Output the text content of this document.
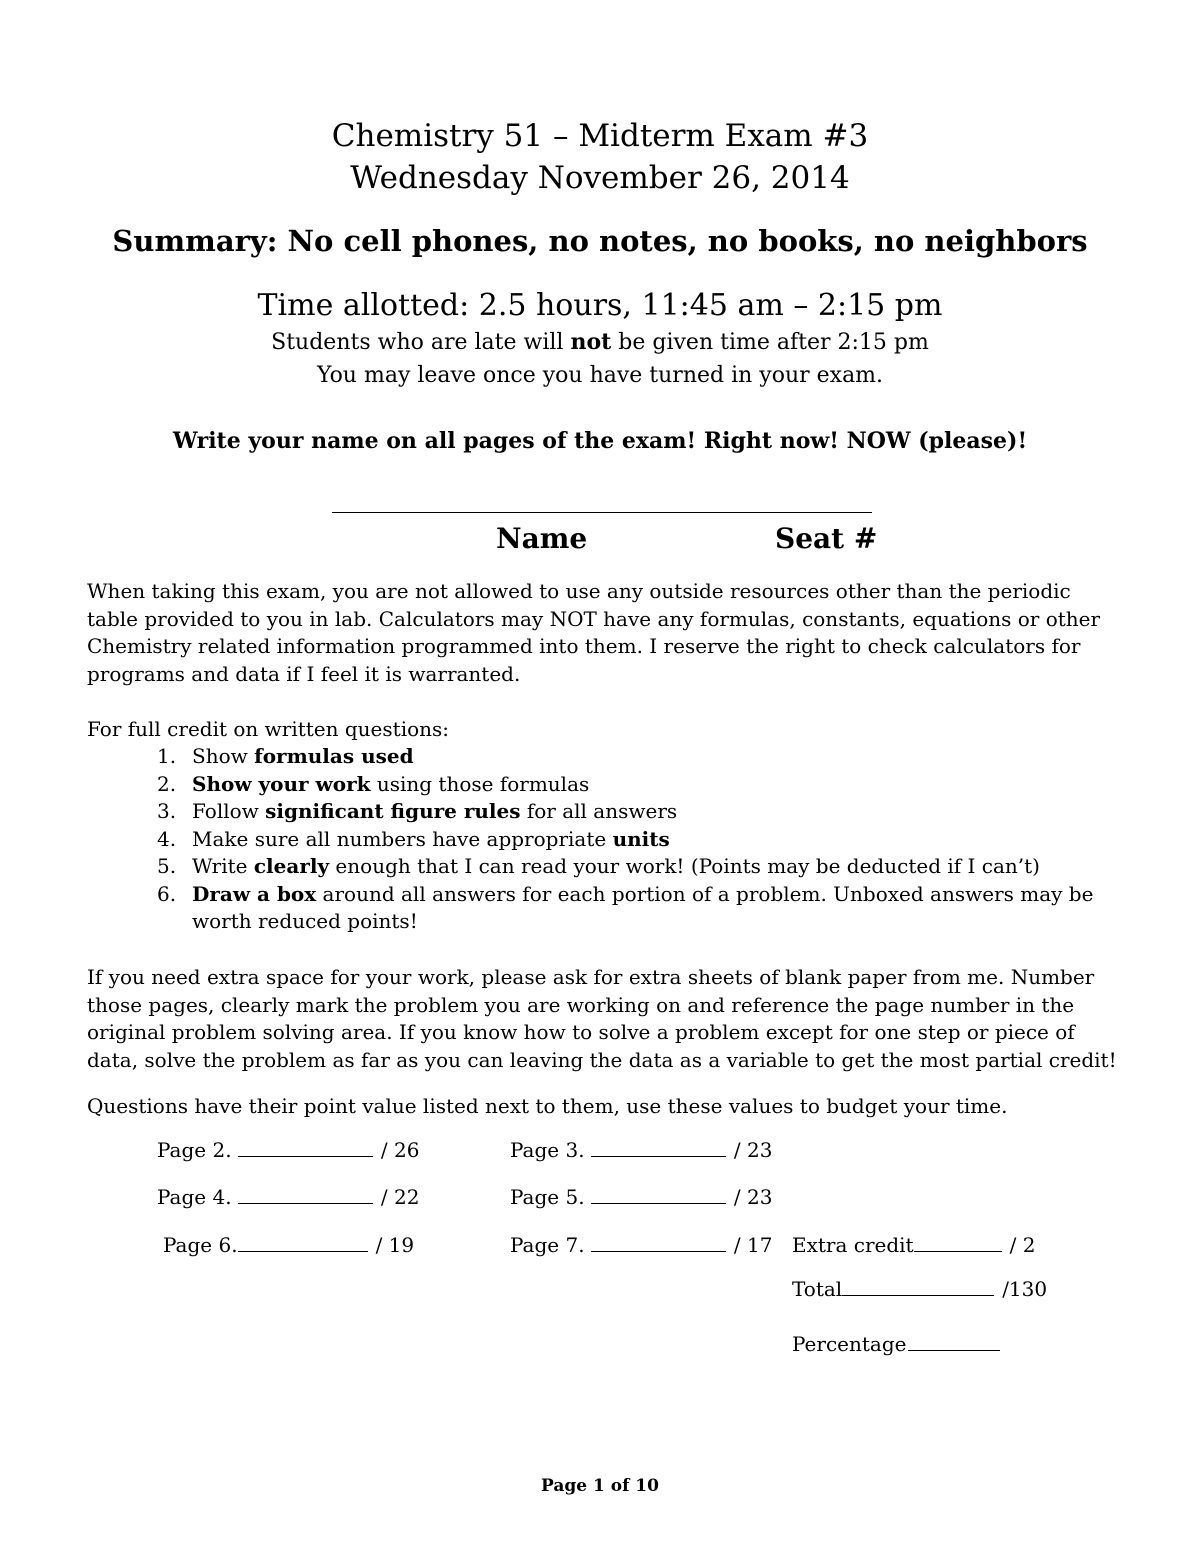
Chemistry 51 – Midterm Exam #3
Wednesday November 26, 2014
Summary: No cell phones, no notes, no books, no neighbors
Time allotted: 2.5 hours, 11:45 am – 2:15 pm
Students who are late will not be given time after 2:15 pm
You may leave once you have turned in your exam.
Write your name on all pages of the exam! Right now! NOW (please)!
Name	Seat #

When taking this exam, you are not allowed to use any outside resources other than the periodic table provided to you in lab. Calculators may NOT have any formulas, constants, equations or other Chemistry related information programmed into them. I reserve the right to check calculators for programs and data if I feel it is warranted.

For full credit on written questions:
1. Show formulas used
2. Show your work using those formulas
3. Follow significant figure rules for all answers
4. Make sure all numbers have appropriate units
5. Write clearly enough that I can read your work! (Points may be deducted if I can’t)
6. Draw a box around all answers for each portion of a problem. Unboxed answers may be worth reduced points!

If you need extra space for your work, please ask for extra sheets of blank paper from me. Number those pages, clearly mark the problem you are working on and reference the page number in the original problem solving area. If you know how to solve a problem except for one step or piece of data, solve the problem as far as you can leaving the data as a variable to get the most partial credit!

Questions have their point value listed next to them, use these values to budget your time.
Page 2.	/ 26	Page 3.	/ 23
Page 4.	/ 22	Page 5.	/ 23
Page 6.	/ 19	Page 7.	/ 17 Extra credit	/ 2
Total	/130
Percentage
Page 1 of 10
